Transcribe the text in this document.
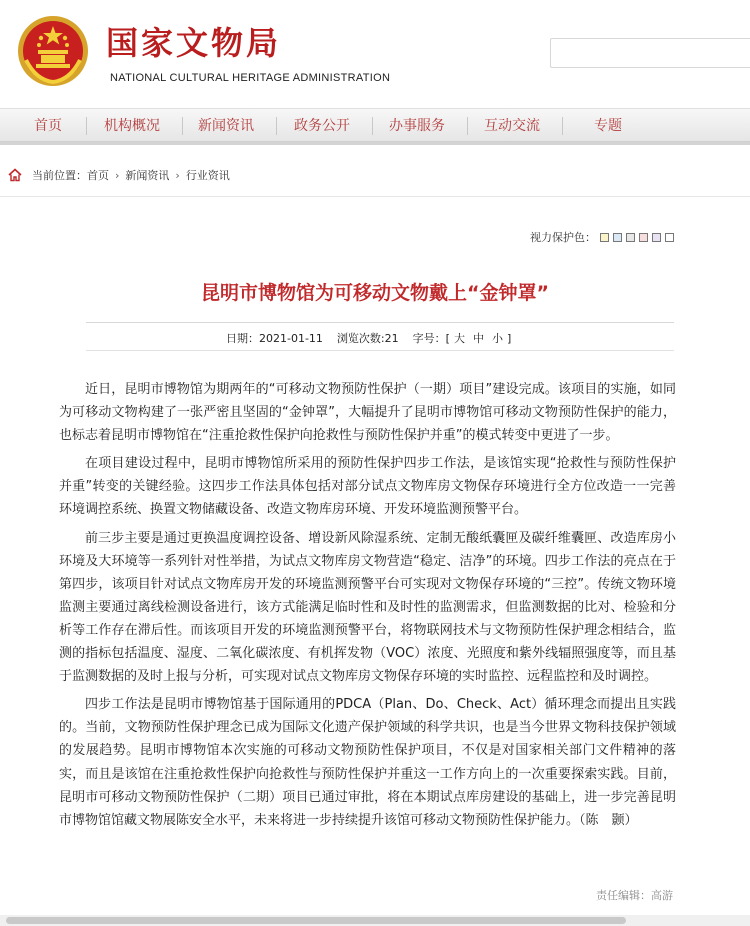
国家文物局
NATIONAL CULTURAL HERITAGE ADMINISTRATION
首页	机构概况	新闻资讯	政务公开	办事服务	互动交流	专题
当前位置： 首页 › 新闻资讯 › 行业资讯
视力保护色：
昆明市博物馆为可移动文物戴上“金钟罩”
日期： 2021-01-11 浏览次数: 21 字号：[ 大 中 小 ]

近日，昆明市博物馆为期两年的“可移动文物预防性保护（一期）项目”建设完成。该项目的实施，如同为可移动文物构建了一张严密且坚固的“金钟罩”，大幅提升了昆明市博物馆可移动文物预防性保护的能力，也标志着昆明市博物馆在“注重抢救性保护向抢救性与预防性保护并重”的模式转变中更进了一步。

在项目建设过程中，昆明市博物馆所采用的预防性保护四步工作法，是该馆实现“抢救性与预防性保护并重”转变的关键经验。这四步工作法具体包括对部分试点文物库房文物保存环境进行全方位改造一一完善环境调控系统、换置文物储藏设备、改造文物库房环境、开发环境监测预警平台。

前三步主要是通过更换温度调控设备、增设新风除湿系统、定制无酸纸囊匣及碳纤维囊匣、改造库房小环境及大环境等一系列针对性举措，为试点文物库房文物营造“稳定、洁净”的环境。四步工作法的亮点在于第四步，该项目针对试点文物库房开发的环境监测预警平台可实现对文物保存环境的“三控”。传统文物环境监测主要通过离线检测设备进行，该方式能满足临时性和及时性的监测需求，但监测数据的比对、检验和分析等工作存在滞后性。而该项目开发的环境监测预警平台，将物联网技术与文物预防性保护理念相结合，监测的指标包括温度、湿度、二氧化碳浓度、有机挥发物（VOC）浓度、光照度和紫外线辐照强度等，而且基于监测数据的及时上报与分析，可实现对试点文物库房文物保存环境的实时监控、远程监控和及时调控。

四步工作法是昆明市博物馆基于国际通用的PDCA（Plan、Do、Check、Act）循环理念而提出且实践的。当前，文物预防性保护理念已成为国际文化遗产保护领域的科学共识，也是当今世界文物科技保护领域的发展趋势。昆明市博物馆本次实施的可移动文物预防性保护项目，不仅是对国家相关部门文件精神的落实，而且是该馆在注重抢救性保护向抢救性与预防性保护并重这一工作方向上的一次重要探索实践。目前，昆明市可移动文物预防性保护（二期）项目已通过审批，将在本期试点库房建设的基础上，进一步完善昆明市博物馆馆藏文物展陈安全水平，未来将进一步持续提升该馆可移动文物预防性保护能力。（陈　颢）

责任编辑：高游
